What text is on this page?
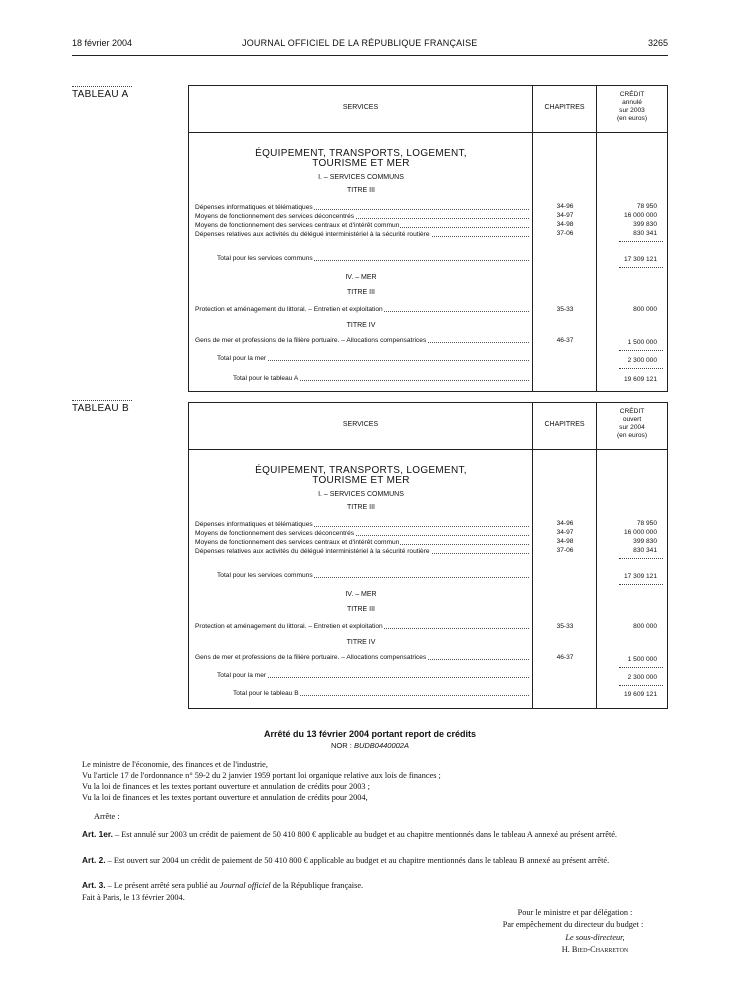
18 février 2004	JOURNAL OFFICIEL DE LA RÉPUBLIQUE FRANÇAISE	3265
TABLEAU A
SERVICES	CHAPITRES
CRÉDIT
annulé
sur 2003
(en euros)
ÉQUIPEMENT, TRANSPORTS, LOGEMENT,
TOURISME ET MER
I. – SERVICES COMMUNS
TITRE III
Dépenses informatiques et télématiques	34-96	78 950
Moyens de fonctionnement des services déconcentrés	34-97	16 000 000
Moyens de fonctionnement des services centraux et d'intérêt commun	34-98	399 830
Dépenses relatives aux activités du délégué interministériel à la sécurité routière	37-06	830 341
Total pour les services communs	17 309 121
IV. – MER
TITRE III
Protection et aménagement du littoral. – Entretien et exploitation	35-33	800 000
TITRE IV
Gens de mer et professions de la filière portuaire. – Allocations compensatrices	46-37	1 500 000
Total pour la mer	2 300 000
Total pour le tableau A	19 609 121
TABLEAU B
SERVICES	CHAPITRES
CRÉDIT
ouvert
sur 2004
(en euros)
ÉQUIPEMENT, TRANSPORTS, LOGEMENT,
TOURISME ET MER
I. – SERVICES COMMUNS
TITRE III
Dépenses informatiques et télématiques	34-96	78 950
Moyens de fonctionnement des services déconcentrés	34-97	16 000 000
Moyens de fonctionnement des services centraux et d'intérêt commun	34-98	399 830
Dépenses relatives aux activités du délégué interministériel à la sécurité routière	37-06	830 341
Total pour les services communs	17 309 121
IV. – MER
TITRE III
Protection et aménagement du littoral. – Entretien et exploitation	35-33	800 000
TITRE IV
Gens de mer et professions de la filière portuaire. – Allocations compensatrices	46-37	1 500 000
Total pour la mer	2 300 000
Total pour le tableau B	19 609 121
Arrêté du 13 février 2004 portant report de crédits
NOR : BUDB0440002A
Le ministre de l'économie, des finances et de l'industrie,
Vu l'article 17 de l'ordonnance n° 59-2 du 2 janvier 1959 portant loi organique relative aux lois de finances ;
Vu la loi de finances et les textes portant ouverture et annulation de crédits pour 2003 ;
Vu la loi de finances et les textes portant ouverture et annulation de crédits pour 2004,
Arrête :
Art. 1er. – Est annulé sur 2003 un crédit de paiement de 50 410 800 € applicable au budget et au chapitre mentionnés dans le tableau A annexé au présent arrêté.
Art. 2. – Est ouvert sur 2004 un crédit de paiement de 50 410 800 € applicable au budget et au chapitre mentionnés dans le tableau B annexé au présent arrêté.
Art. 3. – Le présent arrêté sera publié au Journal officiel de la République française.
Fait à Paris, le 13 février 2004.
Pour le ministre et par délégation :
Par empêchement du directeur du budget :
Le sous-directeur,
H. Bied-Charreton
